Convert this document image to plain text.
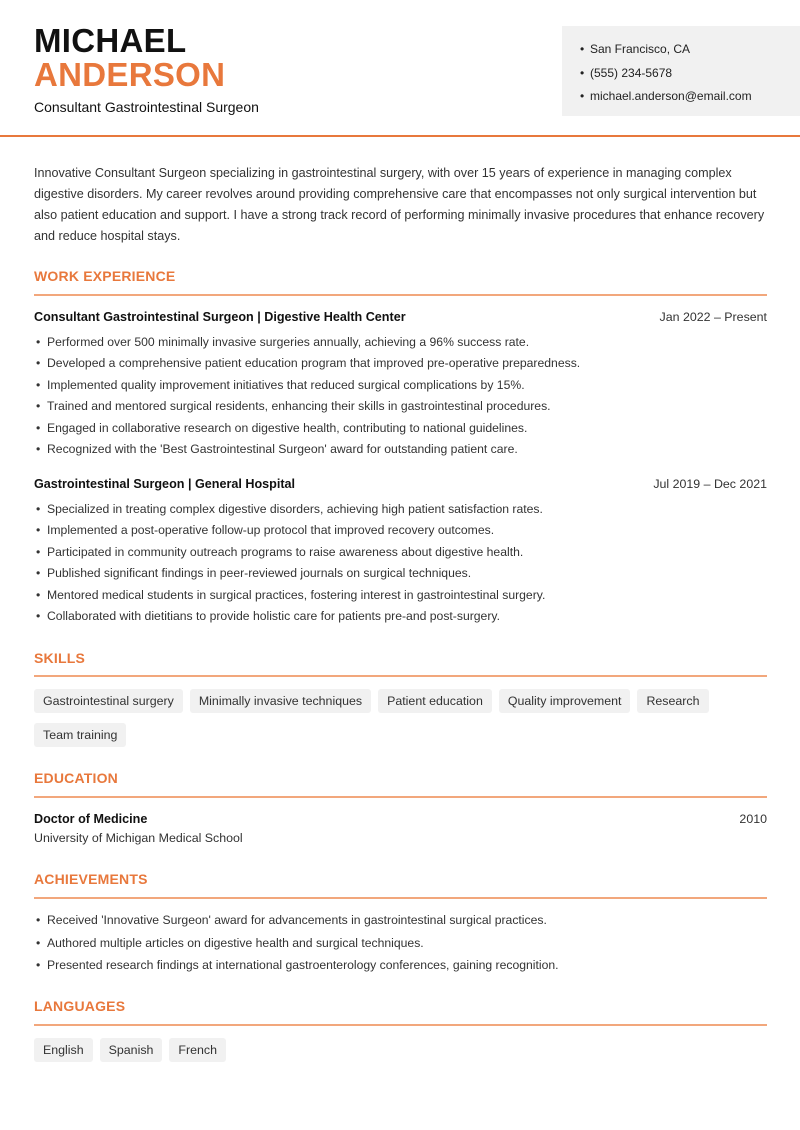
MICHAEL
ANDERSON
Consultant Gastrointestinal Surgeon
• San Francisco, CA
• (555) 234-5678
• michael.anderson@email.com

Innovative Consultant Surgeon specializing in gastrointestinal surgery, with over 15 years of experience in managing complex digestive disorders. My career revolves around providing comprehensive care that encompasses not only surgical intervention but also patient education and support. I have a strong track record of performing minimally invasive procedures that enhance recovery and reduce hospital stays.

WORK EXPERIENCE
Consultant Gastrointestinal Surgeon | Digestive Health Center	Jan 2022 – Present
• Performed over 500 minimally invasive surgeries annually, achieving a 96% success rate.
• Developed a comprehensive patient education program that improved pre-operative preparedness.
• Implemented quality improvement initiatives that reduced surgical complications by 15%.
• Trained and mentored surgical residents, enhancing their skills in gastrointestinal procedures.
• Engaged in collaborative research on digestive health, contributing to national guidelines.
• Recognized with the 'Best Gastrointestinal Surgeon' award for outstanding patient care.
Gastrointestinal Surgeon | General Hospital	Jul 2019 – Dec 2021
• Specialized in treating complex digestive disorders, achieving high patient satisfaction rates.
• Implemented a post-operative follow-up protocol that improved recovery outcomes.
• Participated in community outreach programs to raise awareness about digestive health.
• Published significant findings in peer-reviewed journals on surgical techniques.
• Mentored medical students in surgical practices, fostering interest in gastrointestinal surgery.
• Collaborated with dietitians to provide holistic care for patients pre-and post-surgery.
SKILLS
Gastrointestinal surgery	Minimally invasive techniques	Patient education	Quality improvement	Research
Team training
EDUCATION
Doctor of Medicine	2010
University of Michigan Medical School
ACHIEVEMENTS
• Received 'Innovative Surgeon' award for advancements in gastrointestinal surgical practices.
• Authored multiple articles on digestive health and surgical techniques.
• Presented research findings at international gastroenterology conferences, gaining recognition.
LANGUAGES
English	Spanish	French
